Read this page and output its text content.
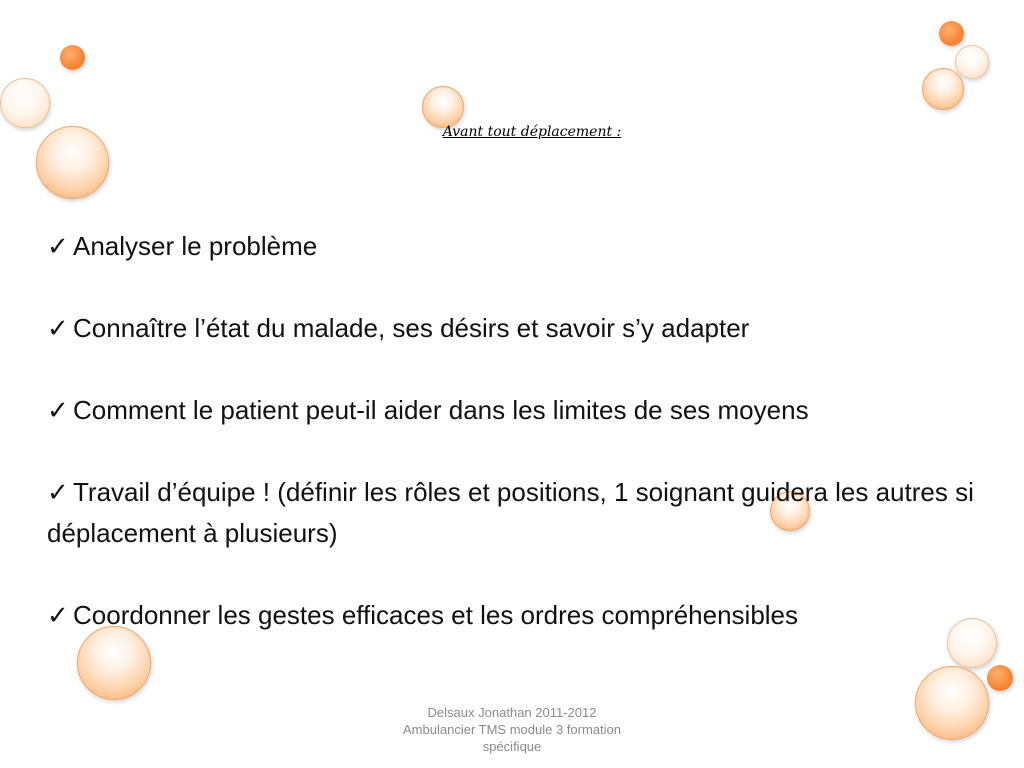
Avant tout déplacement :
✓ Analyser le problème
✓ Connaître l’état du malade, ses désirs et savoir s’y adapter
✓ Comment le patient peut-il aider dans les limites de ses moyens
✓ Travail d’équipe ! (définir les rôles et positions, 1 soignant guidera les autres si déplacement à plusieurs)
✓ Coordonner les gestes efficaces et les ordres compréhensibles
Delsaux Jonathan 2011-2012
Ambulancier TMS module 3 formation
spécifique
